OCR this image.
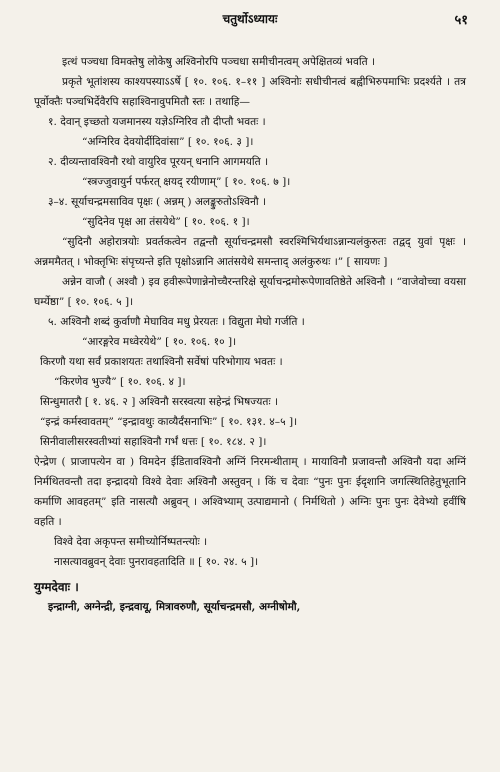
चतुर्थोऽध्यायः	५१

इत्थं पञ्चधा विमक्तेषु लोकेषु अश्विनोरपि पञ्चधा समीचीनत्वम् अपेक्षितव्यं भवति ।

प्रकृते भूतांशस्य काश्यपस्याऽऽर्षे [ १०. १०६. १–११ ] अश्विनोः सधीचीनत्वं बह्वीभिरुपमाभिः प्रदर्श्यते । तत्र पूर्वोक्तैः पञ्चभिर्देवैरपि सहाश्विनावुपमितौ स्तः । तथाहि—

१. देवान् इच्छतो यजमानस्य यज्ञेऽग्निरिव तौ दीप्तौ भवतः ।
“अग्निरिव देवयोर्दीदिवांसा” [ १०. १०६. ३ ]।

२. दीव्यन्तावश्विनौ रथो वायुरिव पूरयन् धनानि आगमयति ।
“स्त्रज्जुवायुर्न पर्फरत् क्षयद् रयीणाम्” [ १०. १०६. ७ ]।

३–४. सूर्याचन्द्रमसाविव पृक्षः ( अन्नम् ) अलङ्कुरुतोऽश्विनौ ।
“सुदिनेव पृक्ष आ तंसयेथे” [ १०. १०६. १ ]।

“सुदिनौ अहोरात्रयोः प्रवर्तकत्वेन तद्वन्तौ सूर्याचन्द्रमसौ स्वरश्मिभिर्यथाऽन्नान्यलंकुरुतः तद्वद् युवां पृक्षः । अन्नममैतत् । भोक्तृभिः संपृच्यन्ते इति पृक्षोऽन्नानि आतंसयेथे समन्ताद् अलंकुरुथः ।” [ सायणः ]

अन्नेन वाजौ ( अश्वौ ) इव हवीरूपेणान्नेनोच्चैरन्तरिक्षे सूर्याचन्द्रमोरूपेणावतिष्ठेते अश्विनौ । “वाजेवोच्चा वयसा घर्म्येष्ठा” [ १०. १०६. ५ ]।

५. अश्विनौ शब्दं कुर्वाणौ मेघाविव मधु प्रेरयतः । विद्युता मेघो गर्जति ।
“आरङ्गरेव मध्वेरयेथे” [ १०. १०६. १० ]।

किरणौ यथा सर्वं प्रकाशयतः तथाश्विनौ सर्वेषां परिभोगाय भवतः ।

“किरणेव भुज्यै” [ १०. १०६. ४ ]।

सिन्धुमातरौ [ १. ४६. २ ] अश्विनौ सरस्वत्या सहेन्द्रं भिषज्यतः ।

“इन्द्रं कर्मस्वावतम्” “इन्द्रावथुः काव्यैर्दंसनाभिः” [ १०. १३१. ४–५ ]।

सिनीवालीसरस्वतीभ्यां सहाश्विनौ गर्भं धत्तः [ १०. १८४. २ ]।

ऐन्द्रेण ( प्राजापत्येन वा ) विमदेन ईडितावश्विनौ अग्निं निरमन्थीताम् । मायाविनौ प्रजावन्तौ अश्विनौ यदा अग्निं निर्मथितवन्तौ तदा इन्द्रादयो विश्वे देवाः अश्विनौ अस्तुवन् । किं च देवाः “पुनः पुनः ईदृशानि जगत्स्थितिहेतुभूतानि कर्माणि आवहतम्” इति नासत्यौ अब्रुवन् । अश्विभ्याम् उत्पाद्यमानो ( निर्मथितो ) अग्निः पुनः पुनः देवेभ्यो हवींषि वहति ।

विश्वे देवा अकृपन्त समीच्योर्निष्पतन्त्योः ।

नासत्यावब्रुवन् देवाः पुनरावहतादिति ॥ [ १०. २४. ५ ]।

युग्मदेवाः ।

इन्द्राग्नी, अग्नेन्द्री, इन्द्रवायू, मित्रावरुणौ, सूर्याचन्द्रमसौ, अग्नीषोमौ,
